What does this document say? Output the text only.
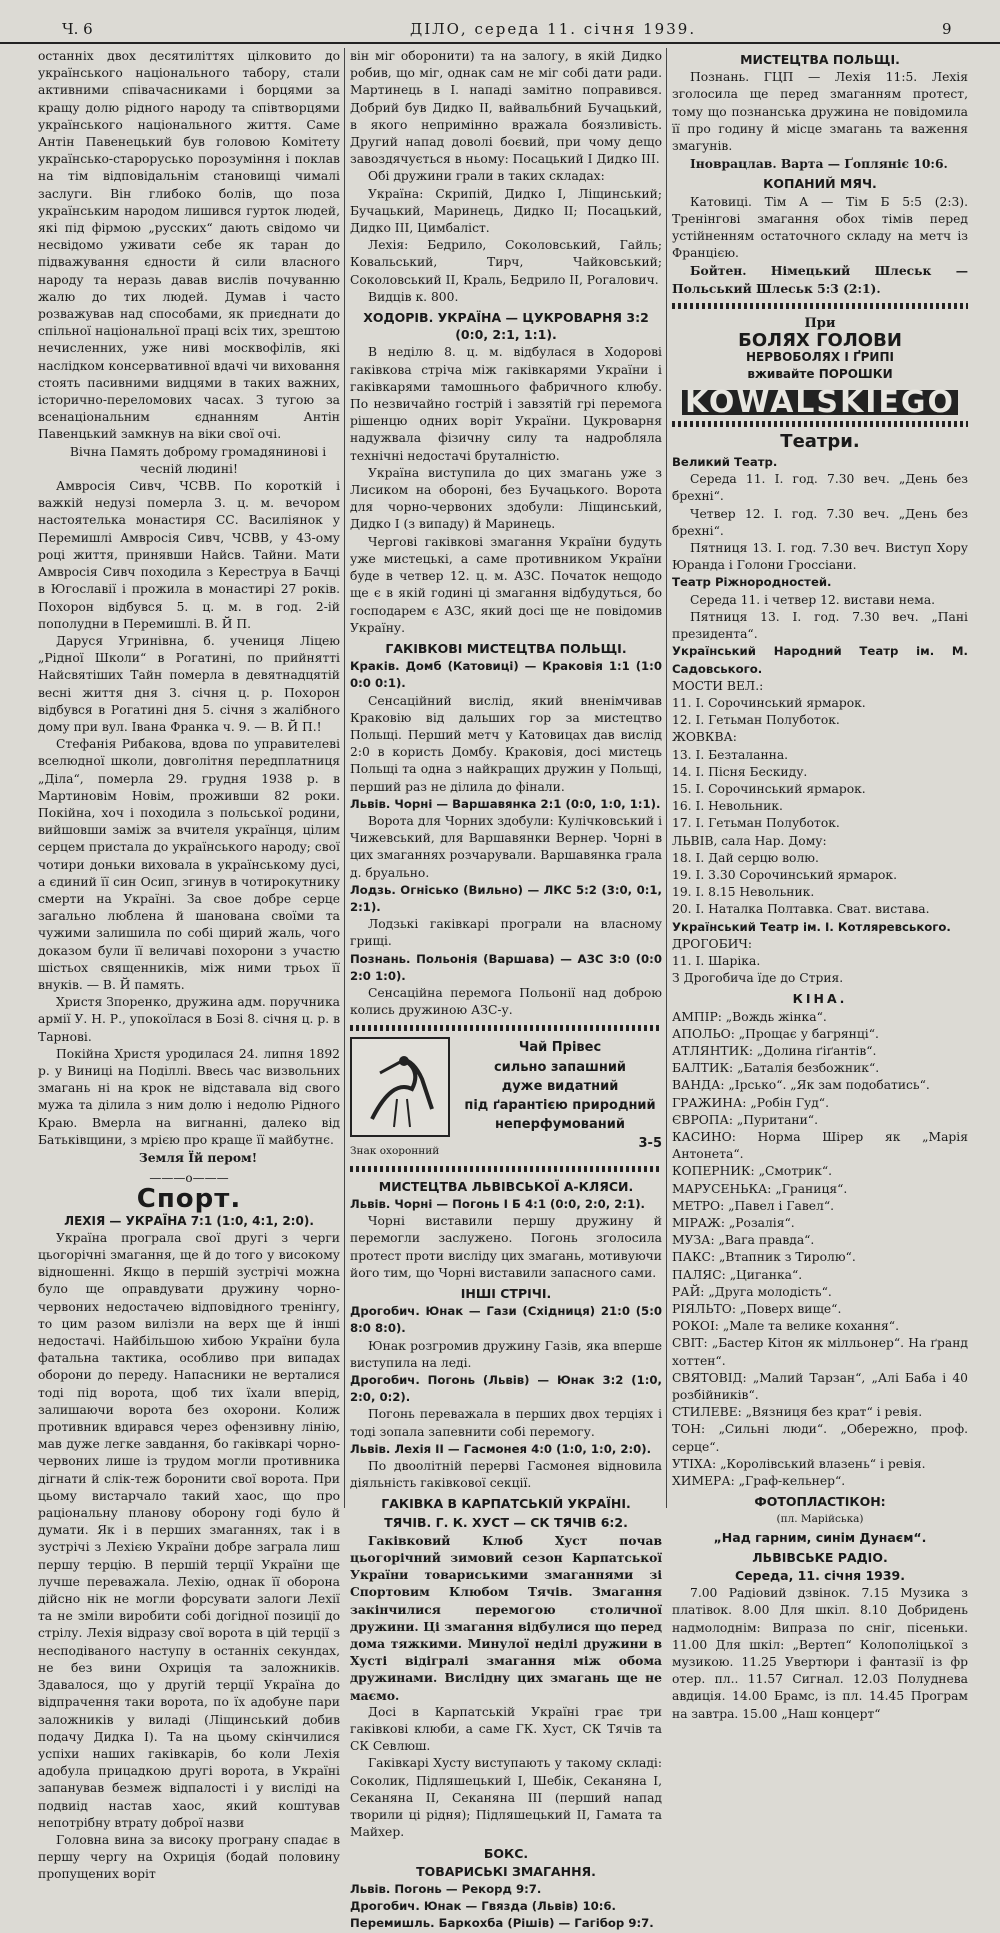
Ч. 6	ДІЛО, середа 11. січня 1939.	9

останніх двох десятиліттях цілковито до українського національного табору, стали активними співачасниками і борцями за кращу долю рідного народу та співтворцями українського національного життя. Саме Антін Павенецький був головою Комітету українсько-старорусько порозуміння і поклав на тім відповідальнім становищі чималі заслуги. Він глибоко болів, що поза українським народом лишився гурток людей, які під фірмою „русских“ дають свідомо чи несвідомо уживати себе як таран до підважування єдности й сили власного народу та неразь давав вислів почуванню жалю до тих людей. Думав і часто розважував над способами, як приєднати до спільної національної праці всіх тих, зрештою нечисленних, уже ниві москвофілів, які наслідком консервативної вдачі чи виховання стоять пасивними видцями в таких важних, історично-переломових часах. З тугою за всенаціональним єднанням Антін Павенцький замкнув на віки свої очі.

Вічна Память доброму громадянинові і чесній людині!

Амвросія Сивч, ЧСВВ. По короткій і важкій недузі померла 3. ц. м. вечором настоятелька монастиря СС. Василіянок у Перемишлі Амвросія Сивч, ЧСВВ, у 43-ому році життя, принявши Найсв. Тайни. Мати Амвросія Сивч походила з Кереструа в Бачці в Югославії і прожила в монастирі 27 років. Похорон відбувся 5. ц. м. в год. 2-ій пополудни в Перемишлі. В. Й П.

Даруся Угринівна, б. учениця Ліцею „Рідної Школи“ в Рогатині, по прийнятті Найсвятіших Тайн померла в девятнадцятій весні життя дня 3. січня ц. р. Похорон відбувся в Рогатині дня 5. січня з жалібного дому при вул. Івана Франка ч. 9. — В. Й П.!

Стефанія Рибакова, вдова по управителеві вселюдної школи, довголітня передплатниця „Діла“, померла 29. грудня 1938 р. в Мартиновім Новім, проживши 82 роки. Покійна, хоч і походила з польської родини, вийшовши заміж за вчителя українця, цілим серцем пристала до українського народу; свої чотири доньки виховала в українському дусі, а єдиний її син Осип, згинув в чотирокутнику смерти на Україні. За свое добре серце загально люблена й шанована своїми та чужими залишила по собі щирий жаль, чого доказом були її величаві похорони з участю шістьох священників, між ними трьох її внуків. — В. Й память.

Христя Зпоренко, дружина адм. поручника армії У. Н. Р., упокоїлася в Бозі 8. січня ц. р. в Тарнові.

Покійна Христя уродилася 24. липня 1892 р. у Виниці на Поділлі. Ввесь час визвольних змагань ні на крок не відставала від свого мужа та ділила з ним долю і недолю Рідного Краю. Вмерла на вигнанні, далеко від Батьківщини, з мрією про краще її майбутнє.

Земля Їй пером!

———o———
Спорт.
ЛЕХІЯ — УКРАЇНА 7:1 (1:0, 4:1, 2:0).

Україна програла свої другі з черги цьогорічні змагання, ще й до того у високому відношенні. Якщо в першій зустрічі можна було ще оправдувати дружину чорно-червоних недостачею відповідного тренінгу, то цим разом вилізли на верх ще й інші недостачі. Найбільшою хибою України була фатальна тактика, особливо при випадах оборони до переду. Напасники не верталися тоді під ворота, щоб тих їхали вперід, залишаючи ворота без охорони. Колиж противник вдирався через офензивну лінію, мав дуже легке завдання, бо гаківкарі чорно-червоних лише із трудом могли противника дігнати й слік-теж боронити свої ворота. При цьому вистарчало такий хаос, що про раціональну планову оборону годі було й думати. Як і в перших змаганнях, так і в зустрічі з Лехією України добре заграла лиш першу терцію. В першій терції України ще лучше переважала. Лехію, однак її оборона дійсно нік не могли форсувати залоги Лехії та не зміли виробити собі догідної позиції до стрілу. Лехія відразу свої ворота в цій терції з несподіваного наступу в останніх секундах, не без вини Охриція та заложників. Здавалося, що у другій терції Україна до відпрачення таки ворота, по їх адобуне пари заложників у виладі (Ліщинський добив подачу Дидка І). Та на цьому скінчилися успіхи наших гаківкарів, бо коли Лехія адобула прицадкою другі ворота, в Україні запанував безмеж відпалості і у висліді на подвиід настав хаос, який коштував непотрібну втрату доброї назви

Головна вина за високу програну спадає в першу чергу на Охриція (бодай половину пропущених воріт

він міг оборонити) та на залогу, в якій Дидко робив, що міг, однак сам не міг собі дати ради. Мартинець в І. нападі замітно поправився. Добрий був Дидко ІІ, вайвальбний Бучацький, в якого непримінно вражала боязливість. Другий напад доволі боєвий, при чому дещо завоздячується в ньому: Посацький І Дидко ІІІ.

Обі дружини грали в таких складах:

Україна: Скрипій, Дидко І, Ліщинський; Бучацький, Маринець, Дидко ІІ; Посацький, Дидко ІІІ, Цимбаліст.

Лехія: Бедрило, Соколовський, Гайль; Ковальський, Тирч, Чайковський; Соколовський ІІ, Краль, Бедрило ІІ, Рогалович.

Видців к. 800.

ХОДОРІВ. УКРАЇНА — ЦУКРОВАРНЯ 3:2 (0:0, 2:1, 1:1).

В неділю 8. ц. м. відбулася в Ходорові гаківкова стріча між гаківкарями України і гаківкарями тамошнього фабричного клюбу. По незвичайно гострій і завзятій грі перемога рішенцю одних воріт України. Цукроварня надужвала фізичну силу та надробляла технічні недостачі бруталністю.

Україна виступила до цих змагань уже з Лисиком на обороні, без Бучацького. Ворота для чорно-червоних здобули: Ліщинський, Дидко І (з випаду) й Маринець.

Чергові гаківкові змагання України будуть уже мистецькі, а саме противником України буде в четвер 12. ц. м. АЗС. Початок нещодо ще є в якій годині ці змагання відбудуться, бо господарем є АЗС, який досі ще не повідомив Україну.

ГАКІВКОВІ МИСТЕЦТВА ПОЛЬЩІ.
Краків. Домб (Катовиці) — Краковія 1:1 (1:0 0:0 0:1).

Сенсаційний вислід, який вненімчивав Краковію від дальших гор за мистецтво Польщі. Перший метч у Катовицах дав вислід 2:0 в користь Домбу. Краковія, досі мистець Польщі та одна з найкращих дружин у Польщі, перший раз не ділила до фінали.

Львів. Чорні — Варшавянка 2:1 (0:0, 1:0, 1:1).

Ворота для Чорних здобули: Кулічковський і Чижевський, для Варшавянки Вернер. Чорні в цих змаганнях розчарували. Варшавянка грала д. бруально.

Лодзь. Огнісько (Вильно) — ЛКС 5:2 (3:0, 0:1, 2:1).

Лодзькі гаківкарі програли на власному грищі.

Познань. Польонія (Варшава) — АЗС 3:0 (0:0 2:0 1:0).

Сенсаційна перемога Польонії над доброю колись дружиною АЗС-у.

Знак охоронний
Чай Прівес
сильно запашний
дуже видатний
під ґарантією природний
неперфумований
3-5
МИСТЕЦТВА ЛЬВІВСЬКОЇ А-КЛЯСИ.
Львів. Чорні — Погонь І Б 4:1 (0:0, 2:0, 2:1).

Чорні виставили першу дружину й перемогли заслужено. Погонь зголосила протест проти висліду цих змагань, мотивуючи його тим, що Чорні виставили запасного сами.

ІНШІ СТРІЧІ.
Дрогобич. Юнак — Гази (Східниця) 21:0 (5:0 8:0 8:0).

Юнак розгромив дружину Газів, яка вперше виступила на леді.

Дрогобич. Погонь (Львів) — Юнак 3:2 (1:0, 2:0, 0:2).

Погонь переважала в перших двох терціях і тоді зопала запевнити собі перемогу.

Львів. Лехія ІІ — Гасмонея 4:0 (1:0, 1:0, 2:0).

По двоолітній перерві Гасмонея відновила діяльність гаківкової секції.

ГАКІВКА В КАРПАТСЬКІЙ УКРАЇНІ.
ТЯЧІВ. Г. К. ХУСТ — СК ТЯЧІВ 6:2.

Гаківковий Клюб Хуст почав цьогорічний зимовий сезон Карпатської України товариськими змаганнями зі Спортовим Клюбом Тячів. Змагання закінчилися перемогою столичної дружини. Ці змагання відбулися що перед дома тяжкими. Минулої неділі дружини в Хусті відігралі змагання між обома дружинами. Вислідну цих змагань ще не маємо.

Досі в Карпатській Україні грає три гаківкові клюби, а саме ГК. Хуст, СК Тячів та СК Севлюш.

Гаківкарі Хусту виступають у такому складі: Соколик, Підляшецький І, Шебік, Секаняна І, Секаняна ІІ, Секаняна ІІІ (перший напад творили ці рідня); Підляшецький ІІ, Гамата та Майхер.

БОКС.
ТОВАРИСЬКІ ЗМАГАННЯ.
Львів. Погонь — Рекорд 9:7.
Дрогобич. Юнак — Гвязда (Львів) 10:6.
Перемишль. Баркохба (Рішів) — Гагібор 9:7.
МИСТЕЦТВА ПОЛЬЩІ.

Познань. ГЦП — Лехія 11:5. Лехія зголосила ще перед змаганням протест, тому що познанська дружина не повідомила її про годину й місце змагань та важення змагунів.

Іноврацлав. Варта — Ґопляніє 10:6.

КОПАНИЙ МЯЧ.

Катовиці. Тім А — Тім Б 5:5 (2:3). Тренінгові змагання обох тімів перед устійненням остаточного складу на метч із Францією.

Бойтен. Німецький Шлеськ — Польський Шлеськ 5:3 (2:1).

При
БОЛЯХ ГОЛОВИ
НЕРВОБОЛЯХ І ҐРИПІ
вживайте ПОРОШКИ
KOWALSKIEGO
Театри.
Великий Театр.

Середа 11. І. год. 7.30 веч. „День без брехні“.

Четвер 12. І. год. 7.30 веч. „День без брехні“.

Пятниця 13. І. год. 7.30 веч. Виступ Хору Юранда і Голони Гроссіани.

Театр Ріжнородностей.

Середа 11. і четвер 12. вистави нема.

Пятниця 13. І. год. 7.30 веч. „Пані президента“.

Український Народний Театр ім. М. Садовського.
МОСТИ ВЕЛ.:
11. І. Сорочинський ярмарок.
12. І. Гетьман Полуботок.
ЖОВКВА:
13. І. Безталанна.
14. І. Пісня Бескиду.
15. І. Сорочинський ярмарок.
16. І. Невольник.
17. І. Гетьман Полуботок.
ЛЬВІВ, сала Нар. Дому:
18. І. Дай серцю волю.
19. І. 3.30 Сорочинський ярмарок.
19. І. 8.15 Невольник.
20. І. Наталка Полтавка. Сват. вистава.
Український Театр ім. І. Котляревського.
ДРОГОБИЧ:
11. І. Шаріка.
З Дрогобича їде до Стрия.
КІНА.
АМПІР: „Вождь жінка“.
АПОЛЬО: „Прощає у багрянці“.
АТЛЯНТИК: „Долина ґіґантів“.
БАЛТИК: „Баталія безбожник“.
ВАНДА: „Ірсько“. „Як зам подобатись“.
ГРАЖИНА: „Робін Гуд“.
ЄВРОПА: „Пуритани“.
КАСИНО: Норма Шірер як „Марія Антонета“.
КОПЕРНИК: „Смотрик“.
МАРУСЕНЬКА: „Границя“.
МЕТРО: „Павел і Гавел“.
МІРАЖ: „Розалія“.
МУЗА: „Вага правда“.
ПАКС: „Втапник з Тиролю“.
ПАЛЯС: „Циганка“.
РАЙ: „Друга молодість“.
РІЯЛЬТО: „Поверх вище“.
РОКОІ: „Мале та велике кохання“.
СВІТ: „Бастер Кітон як мілльонер“. На ґранд хоттен“.
СВЯТОВІД: „Малий Тарзан“, „Алі Баба і 40 розбійників“.
СТИЛЕВЕ: „Вязниця без крат“ і ревія.
ТОН: „Сильні люди“. „Обережно, проф. серце“.
УТІХА: „Королівський влазень“ і ревія.
ХИМЕРА: „Граф-кельнер“.
ФОТОПЛАСТІКОН:
(пл. Марійська)
„Над гарним, синім Дунаєм“.
ЛЬВІВСЬКЕ РАДІО.
Середа, 11. січня 1939.

7.00 Радіовий дзвінок. 7.15 Музика з платівок. 8.00 Для шкіл. 8.10 Добридень надмолоднім: Випраза по сніг, пісеньки. 11.00 Для шкіл: „Вертеп“ Колополіцької з музикою. 11.25 Увертюри і фантазії із фр отер. пл.. 11.57 Сигнал. 12.03 Полуднева авдиція. 14.00 Брамс, із пл. 14.45 Програм на завтра. 15.00 „Наш концерт“
